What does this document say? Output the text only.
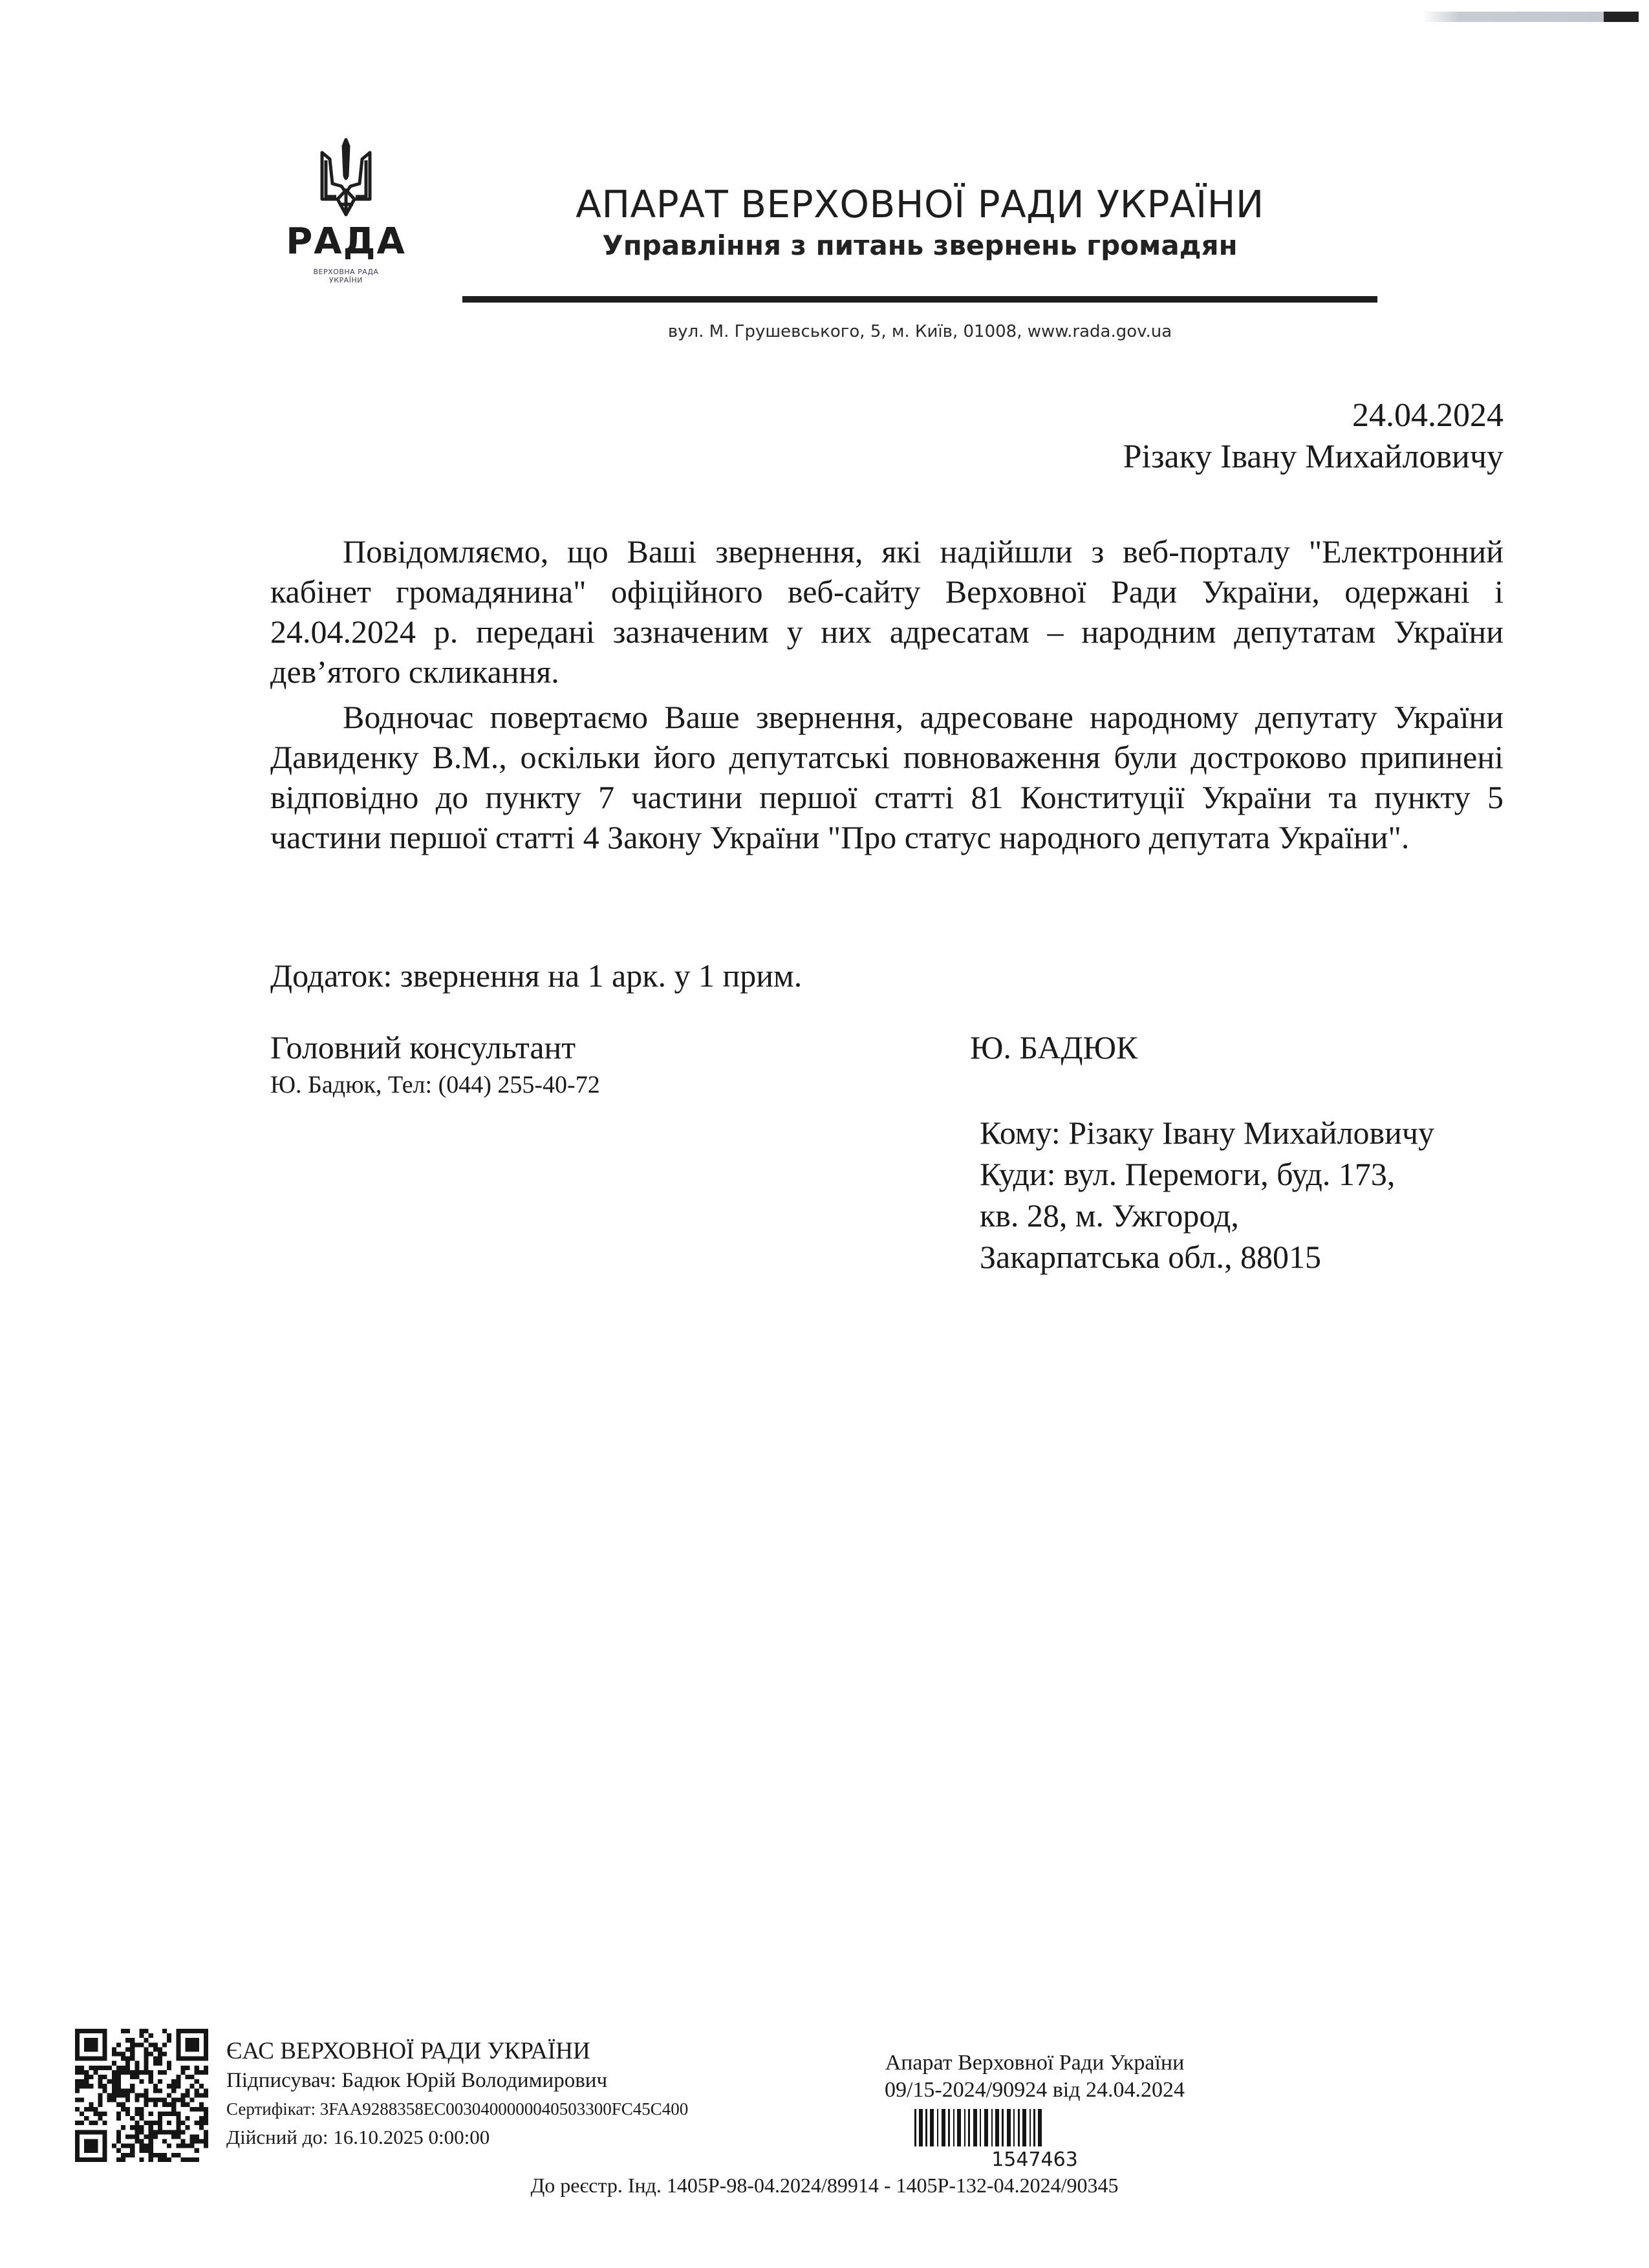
РАДА
ВЕРХОВНА РАДА
УКРАЇНИ
АПАРАТ ВЕРХОВНОЇ РАДИ УКРАЇНИ
Управління з питань звернень громадян
вул. М. Грушевського, 5, м. Київ, 01008, www.rada.gov.ua
24.04.2024
Різаку Івану Михайловичу

Повідомляємо, що Ваші звернення, які надійшли з веб-порталу "Електронний кабінет громадянина" офіційного веб-сайту Верховної Ради України, одержані і 24.04.2024 р. передані зазначеним у них адресатам – народним депутатам України дев’ятого скликання.

Водночас повертаємо Ваше звернення, адресоване народному депутату України Давиденку В.М., оскільки його депутатські повноваження були достроково припинені відповідно до пункту 7 частини першої статті 81 Конституції України та пункту 5 частини першої статті 4 Закону України "Про статус народного депутата України".

Додаток: звернення на 1 арк. у 1 прим.
Головний консультант
Ю. Бадюк, Тел: (044) 255-40-72
Ю. БАДЮК
Кому: Різаку Івану Михайловичу
Куди: вул. Перемоги, буд. 173,
кв. 28, м. Ужгород,
Закарпатська обл., 88015
ЄАС ВЕРХОВНОЇ РАДИ УКРАЇНИ
Підписувач: Бадюк Юрій Володимирович
Сертифікат: 3FAA9288358EC0030400000040503300FC45C400
Дійсний до: 16.10.2025 0:00:00
Апарат Верховної Ради України
09/15-2024/90924 від 24.04.2024
1547463
До реєстр. Інд. 1405Р-98-04.2024/89914 - 1405Р-132-04.2024/90345
